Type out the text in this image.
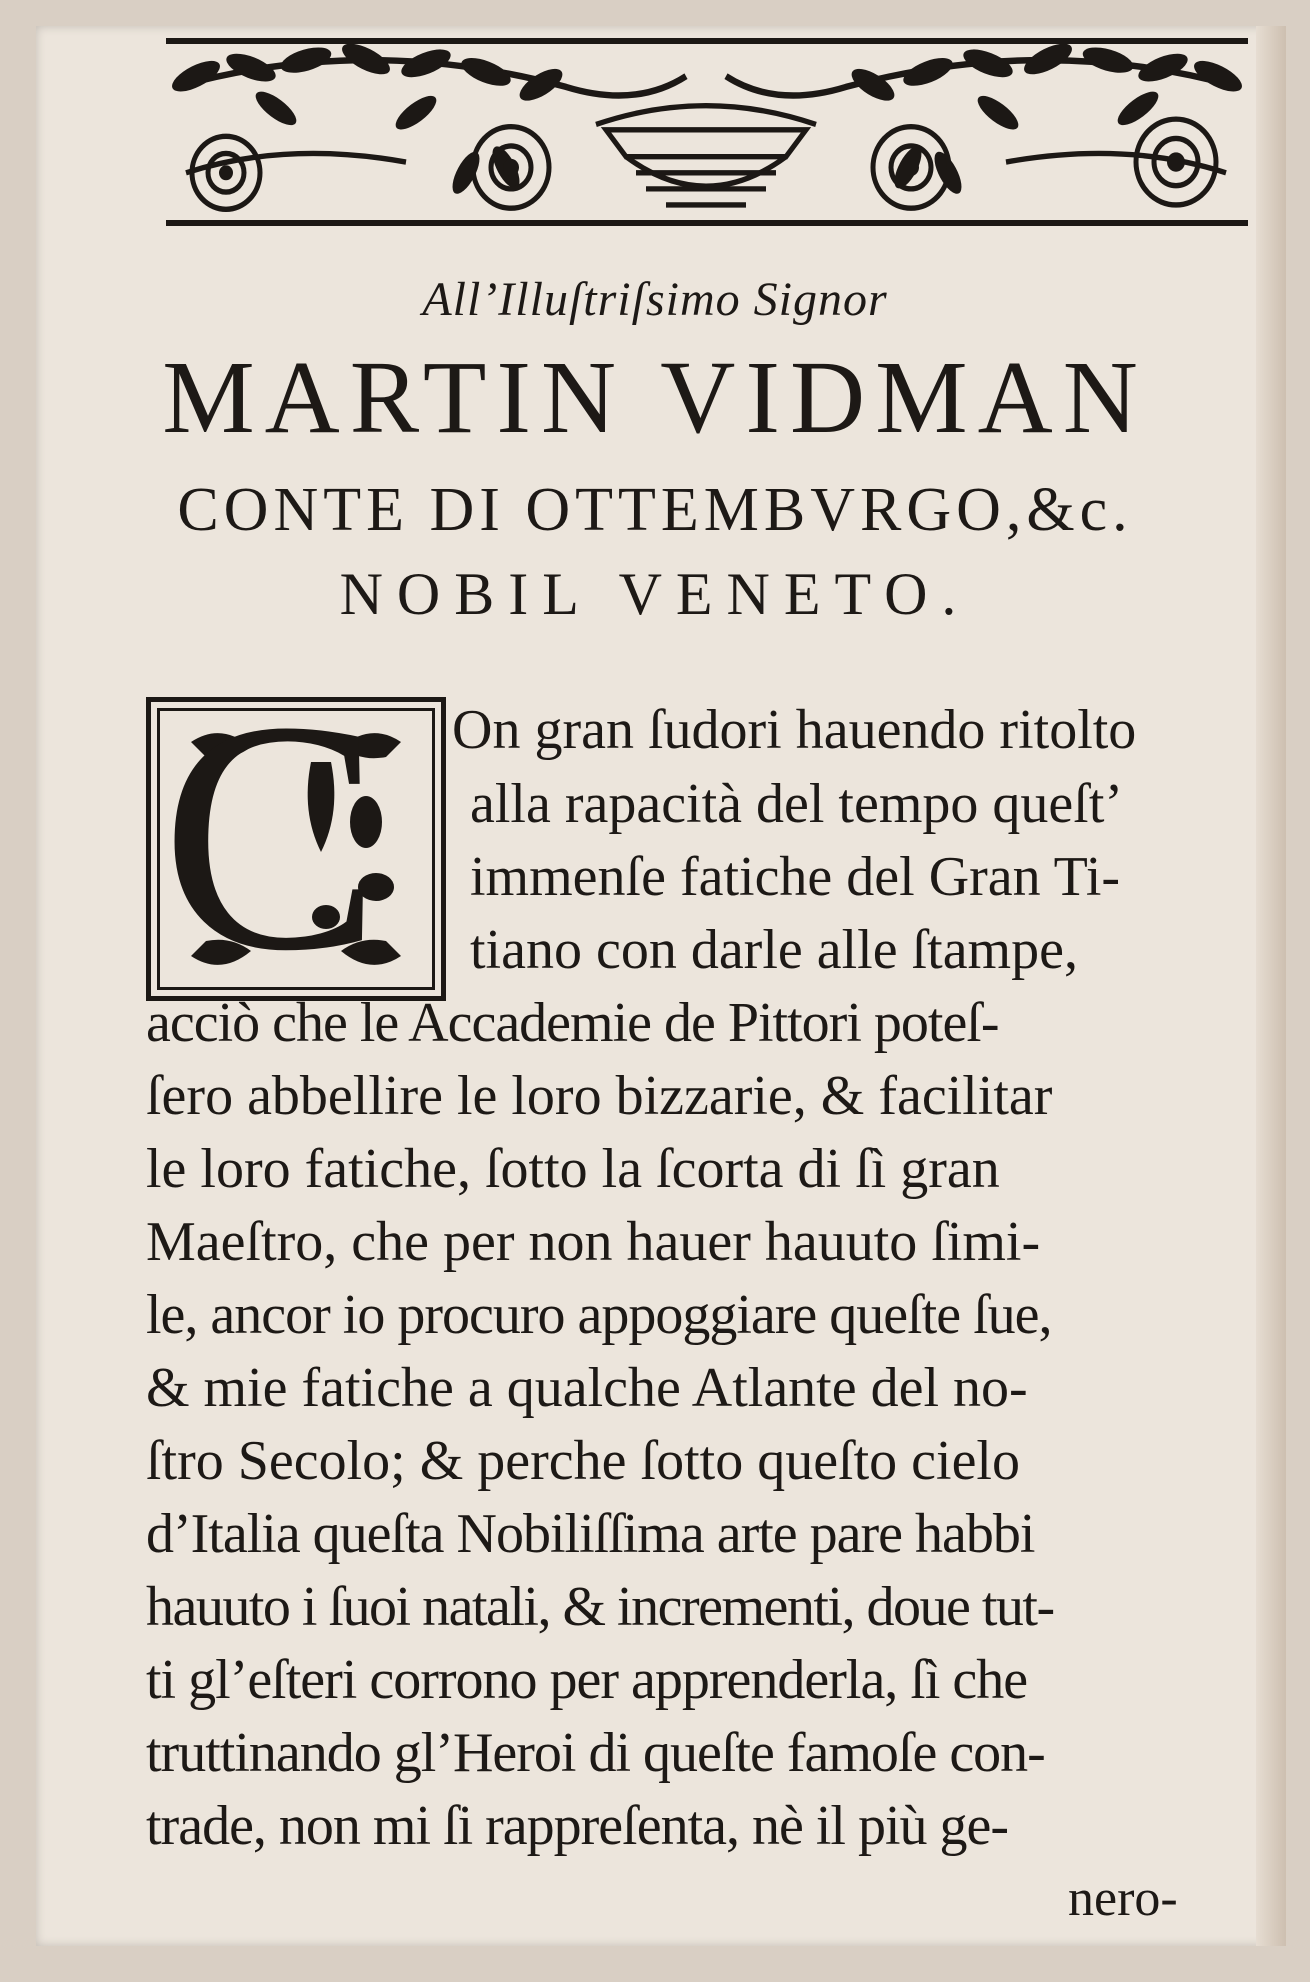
All’Illuſtriſsimo Signor

MARTIN VIDMAN

CONTE DI OTTEMBVRGO,&c.

NOBIL VENETO.

C On gran ſudori hauendo ritolto

alla rapacità del tempo queſt’

immenſe fatiche del Gran Ti-

tiano con darle alle ſtampe,

acciò che le Accademie de Pittori poteſ-

ſero abbellire le loro bizzarie, & facilitar

le loro fatiche, ſotto la ſcorta di ſì gran

Maeſtro, che per non hauer hauuto ſimi-

le, ancor io procuro appoggiare queſte ſue,

& mie fatiche a qualche Atlante del no-

ſtro Secolo; & perche ſotto queſto cielo

d’Italia queſta Nobiliſſima arte pare habbi

hauuto i ſuoi natali, & incrementi, doue tut-

ti gl’eſteri corrono per apprenderla, ſì che

truttinando gl’Heroi di queſte famoſe con-

trade, non mi ſi rappreſenta, nè il più ge-

nero-
